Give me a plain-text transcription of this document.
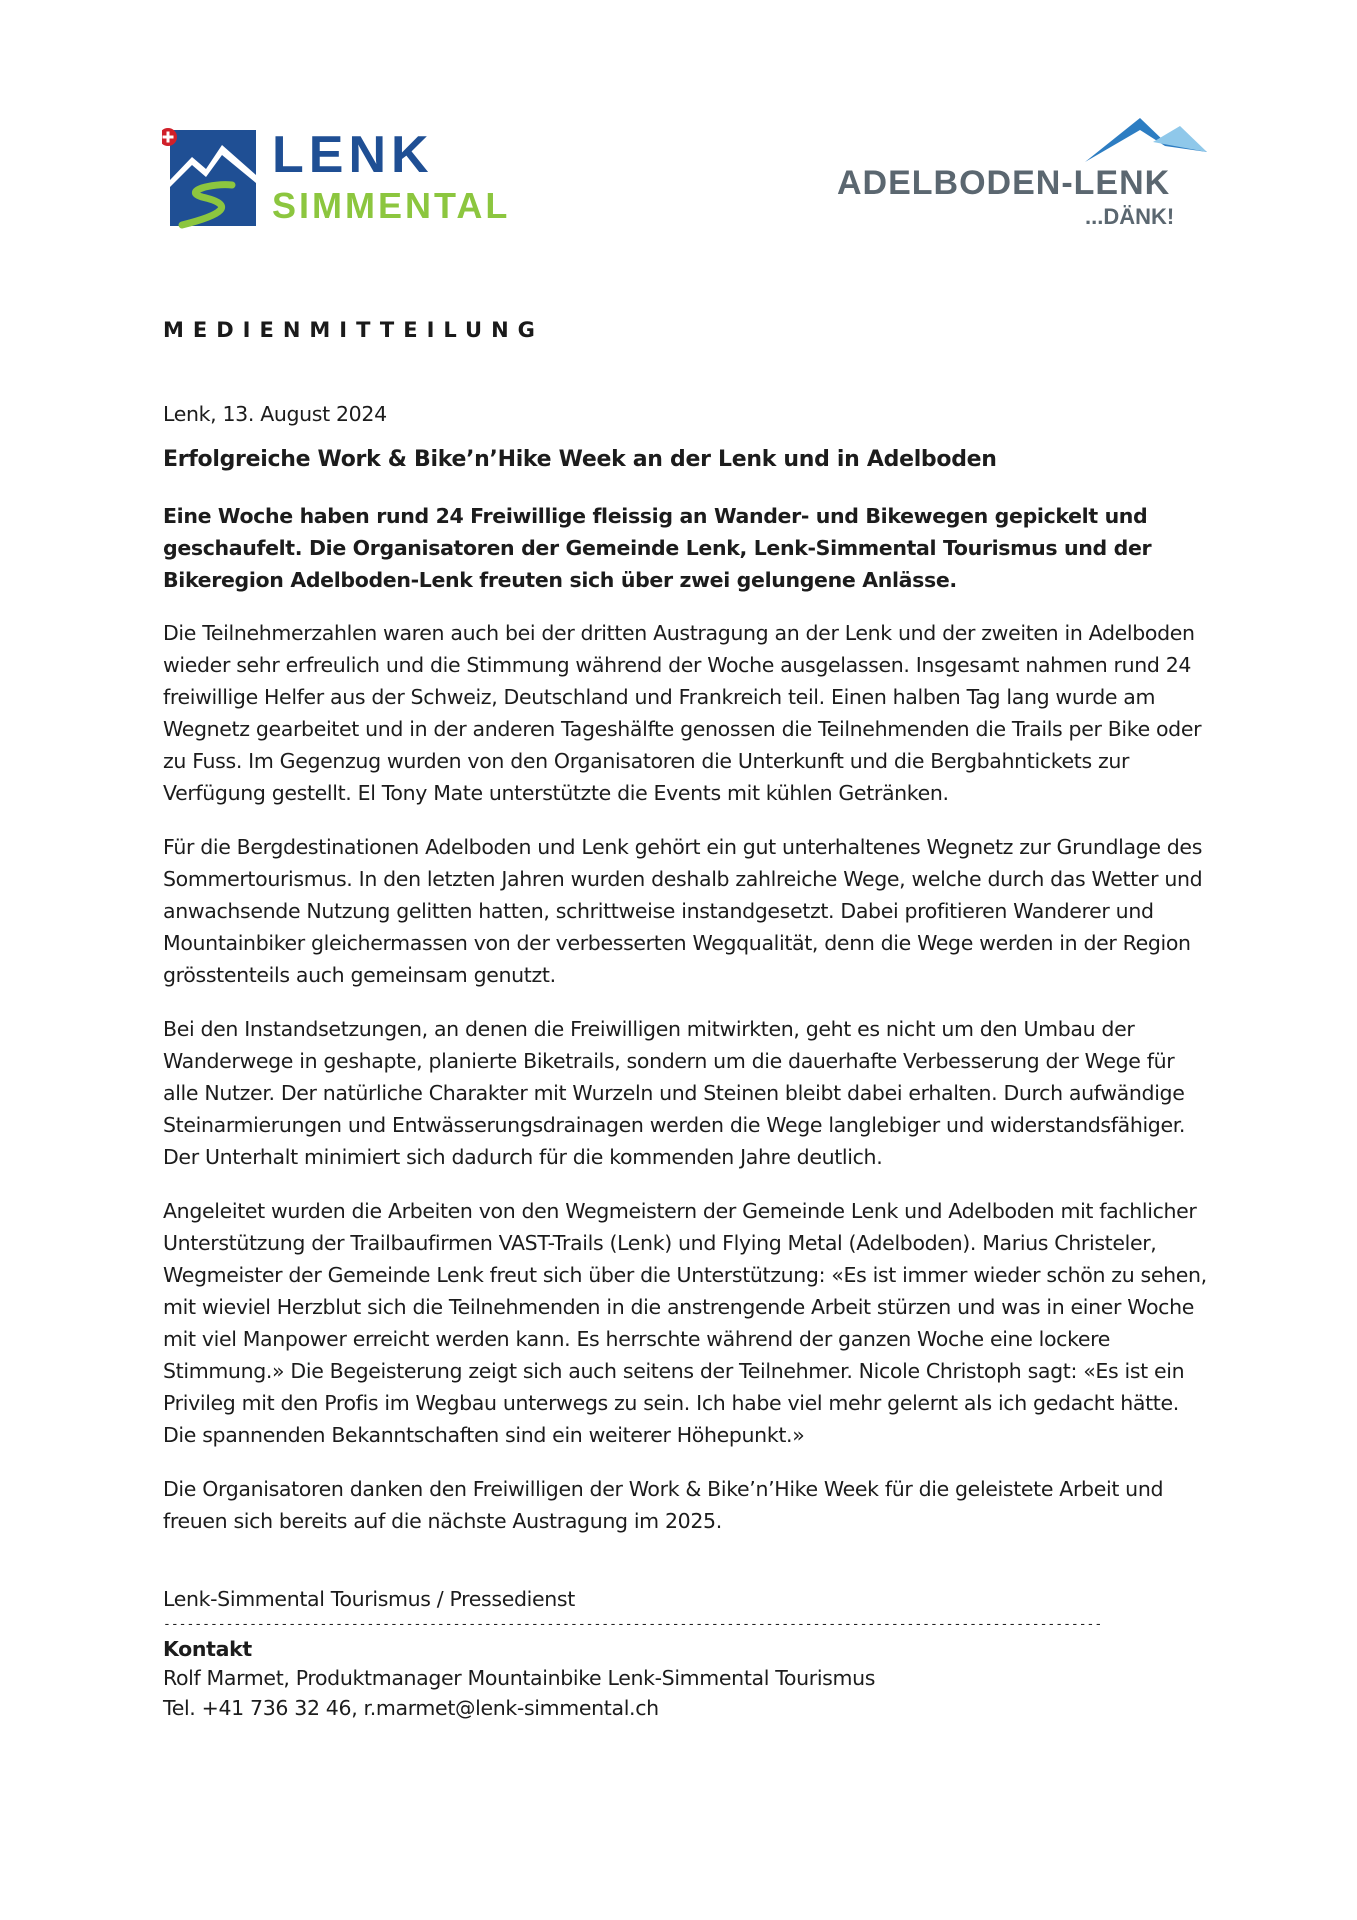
LENK
SIMMENTAL
ADELBODEN-LENK
...DÄNK!
MEDIENMITTEILUNG

Lenk, 13. August 2024

Erfolgreiche Work & Bike’n’Hike Week an der Lenk und in Adelboden

Eine Woche haben rund 24 Freiwillige fleissig an Wander- und Bikewegen gepickelt und geschaufelt. Die Organisatoren der Gemeinde Lenk, Lenk-Simmental Tourismus und der Bikeregion Adelboden-Lenk freuten sich über zwei gelungene Anlässe.

Die Teilnehmerzahlen waren auch bei der dritten Austragung an der Lenk und der zweiten in Adelboden wieder sehr erfreulich und die Stimmung während der Woche ausgelassen. Insgesamt nahmen rund 24 freiwillige Helfer aus der Schweiz, Deutschland und Frankreich teil. Einen halben Tag lang wurde am Wegnetz gearbeitet und in der anderen Tageshälfte genossen die Teilnehmenden die Trails per Bike oder zu Fuss. Im Gegenzug wurden von den Organisatoren die Unterkunft und die Bergbahntickets zur Verfügung gestellt. El Tony Mate unterstützte die Events mit kühlen Getränken.

Für die Bergdestinationen Adelboden und Lenk gehört ein gut unterhaltenes Wegnetz zur Grundlage des Sommertourismus. In den letzten Jahren wurden deshalb zahlreiche Wege, welche durch das Wetter und anwachsende Nutzung gelitten hatten, schrittweise instandgesetzt. Dabei profitieren Wanderer und Mountainbiker gleichermassen von der verbesserten Wegqualität, denn die Wege werden in der Region grösstenteils auch gemeinsam genutzt.

Bei den Instandsetzungen, an denen die Freiwilligen mitwirkten, geht es nicht um den Umbau der Wanderwege in geshapte, planierte Biketrails, sondern um die dauerhafte Verbesserung der Wege für alle Nutzer. Der natürliche Charakter mit Wurzeln und Steinen bleibt dabei erhalten. Durch aufwändige Steinarmierungen und Entwässerungsdrainagen werden die Wege langlebiger und widerstandsfähiger. Der Unterhalt minimiert sich dadurch für die kommenden Jahre deutlich.

Angeleitet wurden die Arbeiten von den Wegmeistern der Gemeinde Lenk und Adelboden mit fachlicher Unterstützung der Trailbaufirmen VAST-Trails (Lenk) und Flying Metal (Adelboden). Marius Christeler, Wegmeister der Gemeinde Lenk freut sich über die Unterstützung: «Es ist immer wieder schön zu sehen, mit wieviel Herzblut sich die Teilnehmenden in die anstrengende Arbeit stürzen und was in einer Woche mit viel Manpower erreicht werden kann. Es herrschte während der ganzen Woche eine lockere Stimmung.» Die Begeisterung zeigt sich auch seitens der Teilnehmer. Nicole Christoph sagt: «Es ist ein Privileg mit den Profis im Wegbau unterwegs zu sein. Ich habe viel mehr gelernt als ich gedacht hätte. Die spannenden Bekanntschaften sind ein weiterer Höhepunkt.»

Die Organisatoren danken den Freiwilligen der Work & Bike’n’Hike Week für die geleistete Arbeit und freuen sich bereits auf die nächste Austragung im 2025.

Lenk-Simmental Tourismus / Pressedienst

------------------------------------------------------------------------------------------------------------------------

Kontakt

Rolf Marmet, Produktmanager Mountainbike Lenk-Simmental Tourismus

Tel. +41 736 32 46, r.marmet@lenk-simmental.ch
